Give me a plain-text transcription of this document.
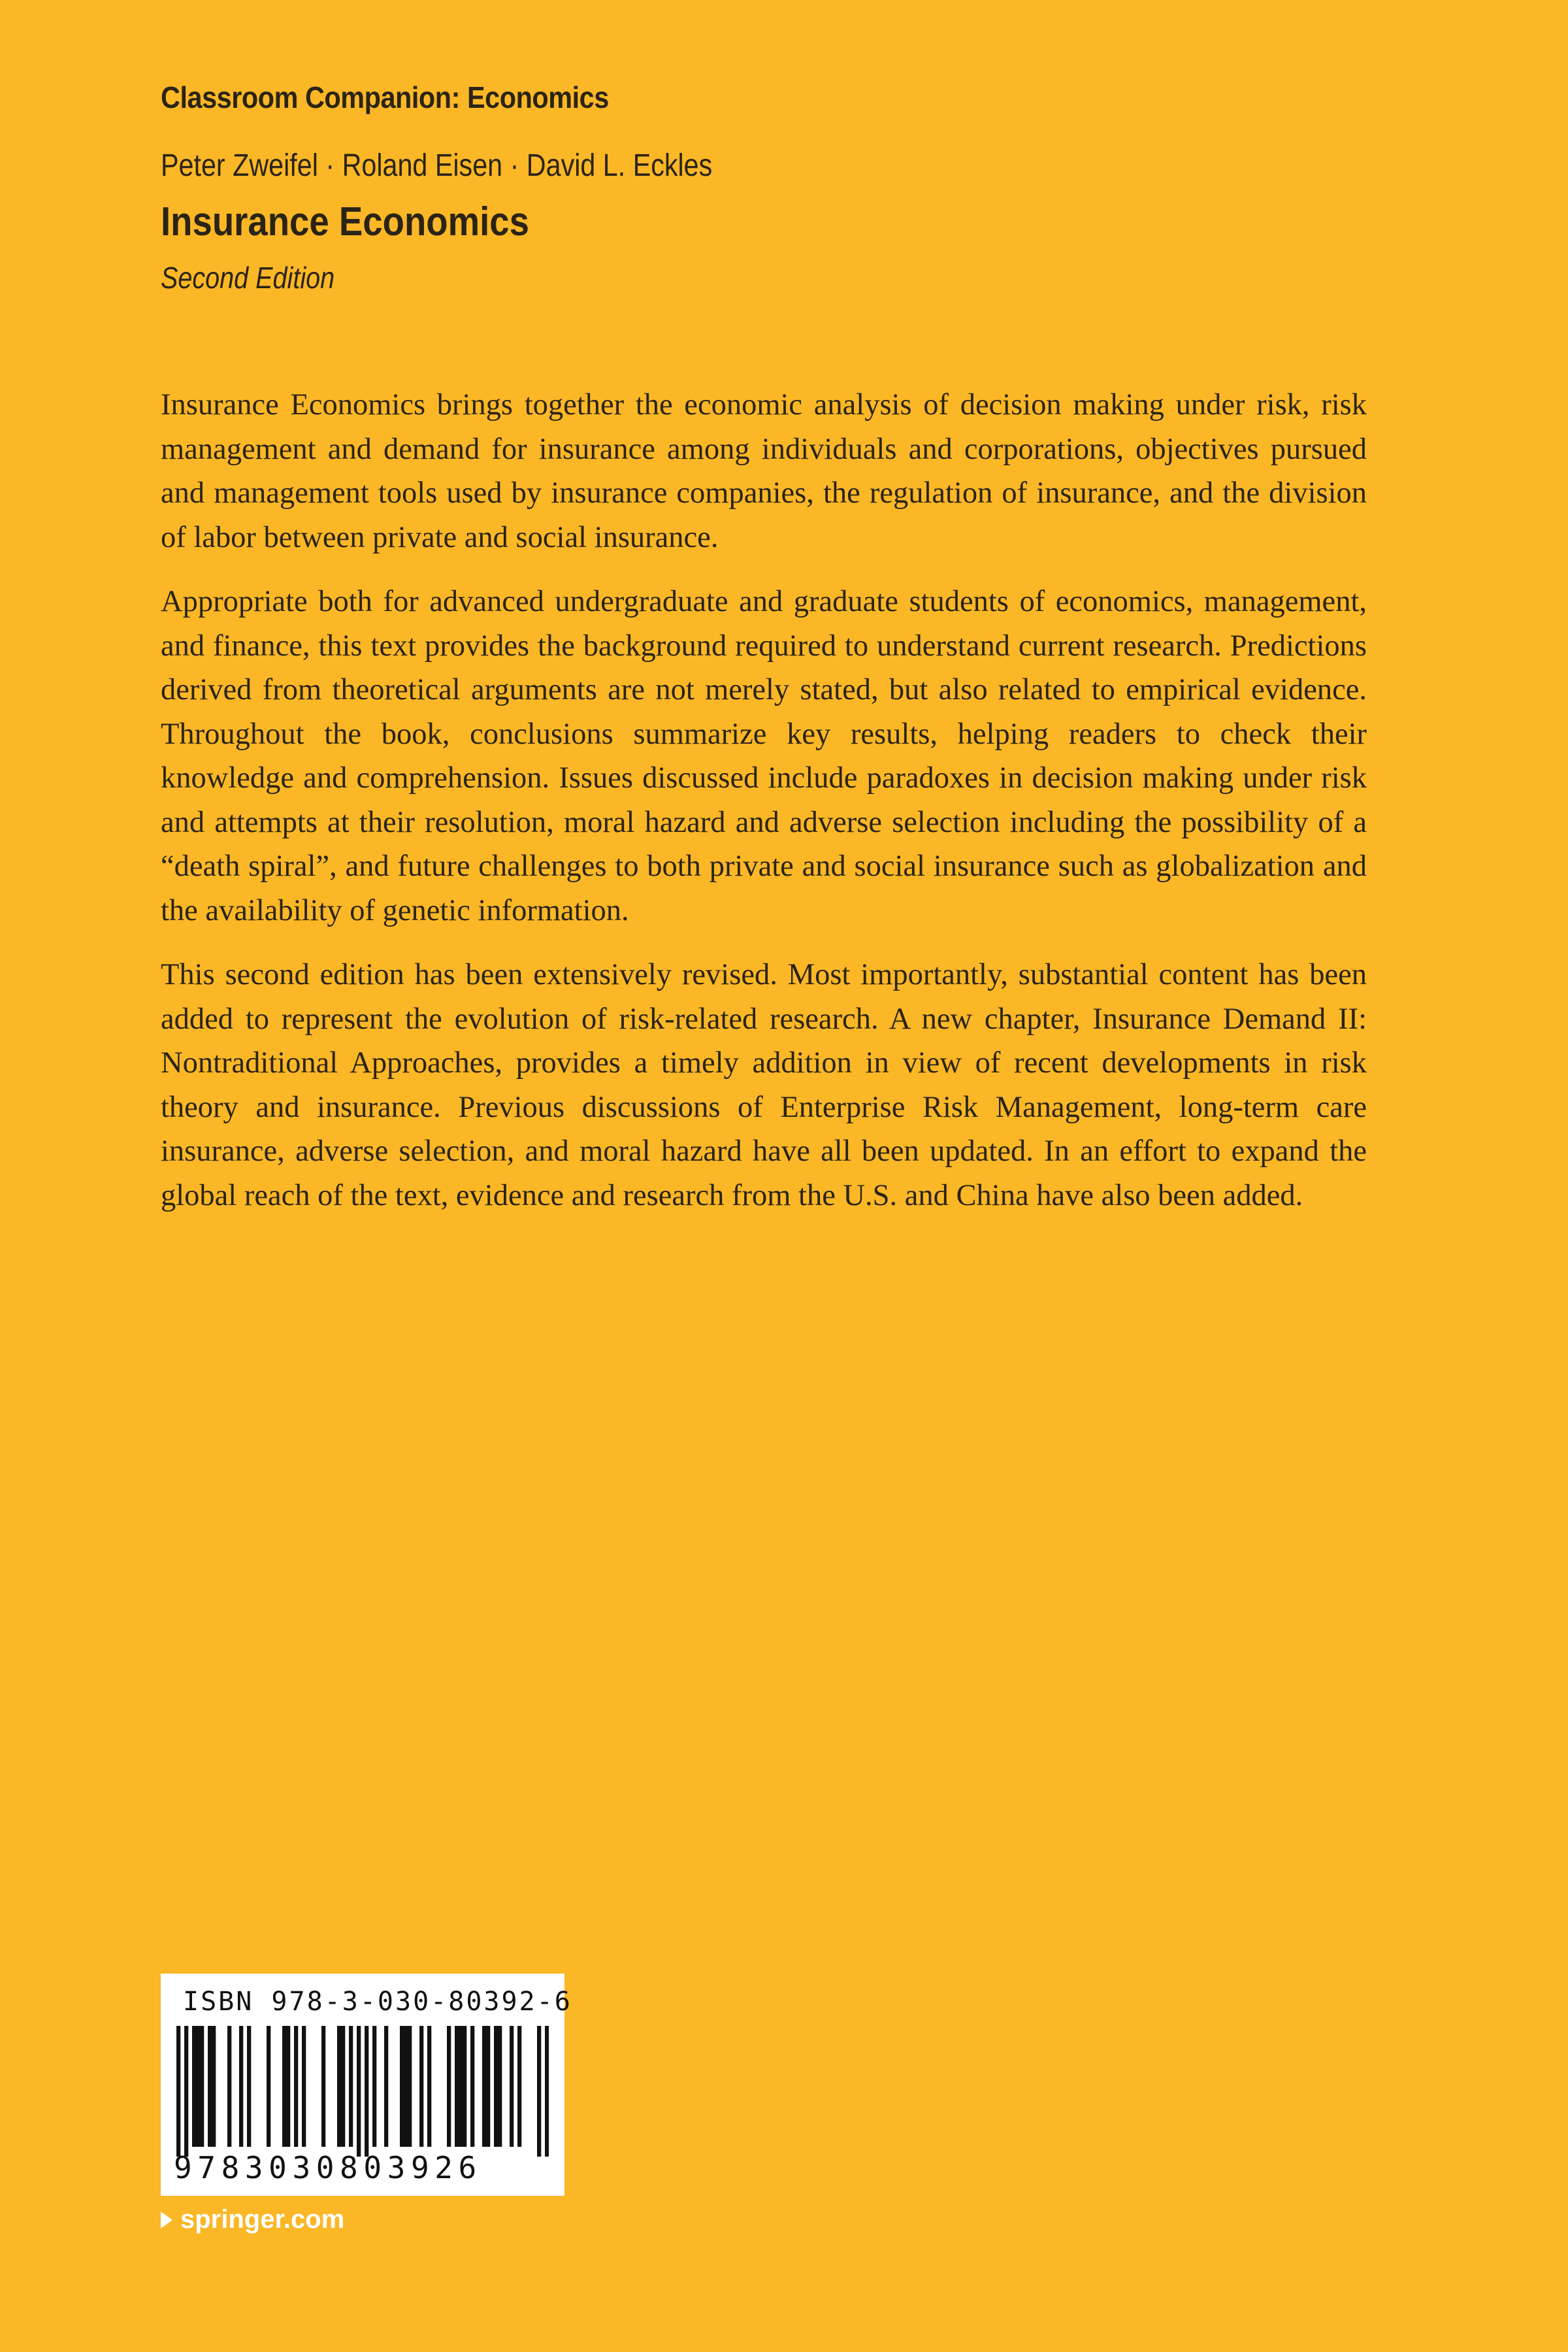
Classroom Companion: Economics
Peter Zweifel · Roland Eisen · David L. Eckles
Insurance Economics
Second Edition

Insurance Economics brings together the economic analysis of decision making under risk, risk management and demand for insurance among individuals and corporations, objectives pursued and management tools used by insurance companies, the regulation of insurance, and the division of labor between private and social insurance.

Appropriate both for advanced undergraduate and graduate students of economics, management, and finance, this text provides the background required to understand current research. Predictions derived from theoretical arguments are not merely stated, but also related to empirical evidence. Throughout the book, conclusions summarize key results, helping readers to check their knowledge and comprehension. Issues discussed include paradoxes in decision making under risk and attempts at their resolution, moral hazard and adverse selection including the possibility of a “death spiral”, and future challenges to both private and social insurance such as globalization and the availability of genetic information.

This second edition has been extensively revised. Most importantly, substantial content has been added to represent the evolution of risk-related research. A new chapter, Insurance Demand II: Nontraditional Approaches, provides a timely addition in view of recent developments in risk theory and insurance. Previous discussions of Enterprise Risk Management, long-term care insurance, adverse selection, and moral hazard have all been updated. In an effort to expand the global reach of the text, evidence and research from the U.S. and China have also been added.

ISBN 978-3-030-80392-6
9783030803926
springer.com
